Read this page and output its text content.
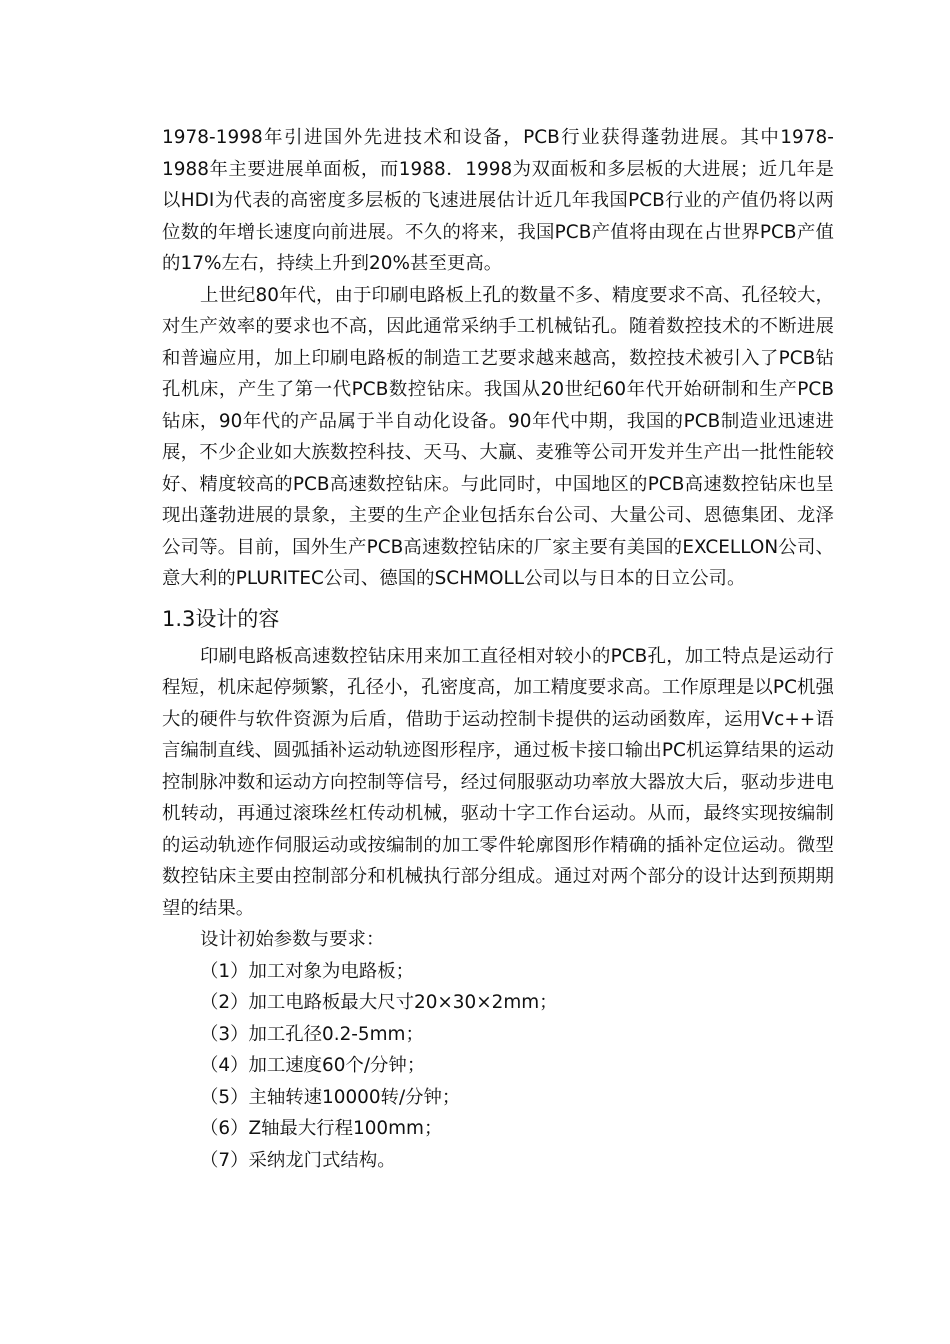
1978-1998年引进国外先进技术和设备，PCB行业获得蓬勃进展。其中1978-1988年主要进展单面板，而1988．1998为双面板和多层板的大进展；近几年是以HDI为代表的高密度多层板的飞速进展估计近几年我国PCB行业的产值仍将以两位数的年增长速度向前进展。不久的将来，我国PCB产值将由现在占世界PCB产值的17%左右，持续上升到20%甚至更高。

上世纪80年代，由于印刷电路板上孔的数量不多、精度要求不高、孔径较大，对生产效率的要求也不高，因此通常采纳手工机械钻孔。随着数控技术的不断进展和普遍应用，加上印刷电路板的制造工艺要求越来越高，数控技术被引入了PCB钻孔机床，产生了第一代PCB数控钻床。我国从20世纪60年代开始研制和生产PCB钻床，90年代的产品属于半自动化设备。90年代中期，我国的PCB制造业迅速进展，不少企业如大族数控科技、天马、大赢、麦雅等公司开发并生产出一批性能较好、精度较高的PCB高速数控钻床。与此同时，中国地区的PCB高速数控钻床也呈现出蓬勃进展的景象，主要的生产企业包括东台公司、大量公司、恩德集团、龙泽公司等。目前，国外生产PCB高速数控钻床的厂家主要有美国的EXCELLON公司、意大利的PLURITEC公司、德国的SCHMOLL公司以与日本的日立公司。

1.3设计的容

印刷电路板高速数控钻床用来加工直径相对较小的PCB孔，加工特点是运动行程短，机床起停频繁，孔径小，孔密度高，加工精度要求高。工作原理是以PC机强大的硬件与软件资源为后盾，借助于运动控制卡提供的运动函数库，运用Vc++语言编制直线、圆弧插补运动轨迹图形程序，通过板卡接口输出PC机运算结果的运动控制脉冲数和运动方向控制等信号，经过伺服驱动功率放大器放大后，驱动步进电机转动，再通过滚珠丝杠传动机械，驱动十字工作台运动。从而，最终实现按编制的运动轨迹作伺服运动或按编制的加工零件轮廓图形作精确的插补定位运动。微型数控钻床主要由控制部分和机械执行部分组成。通过对两个部分的设计达到预期期望的结果。

设计初始参数与要求：

（1）加工对象为电路板；
（2）加工电路板最大尺寸20×30×2mm；
（3）加工孔径0.2-5mm；
（4）加工速度60个/分钟；
（5）主轴转速10000转/分钟；
（6）Z轴最大行程100mm；
（7）采纳龙门式结构。
